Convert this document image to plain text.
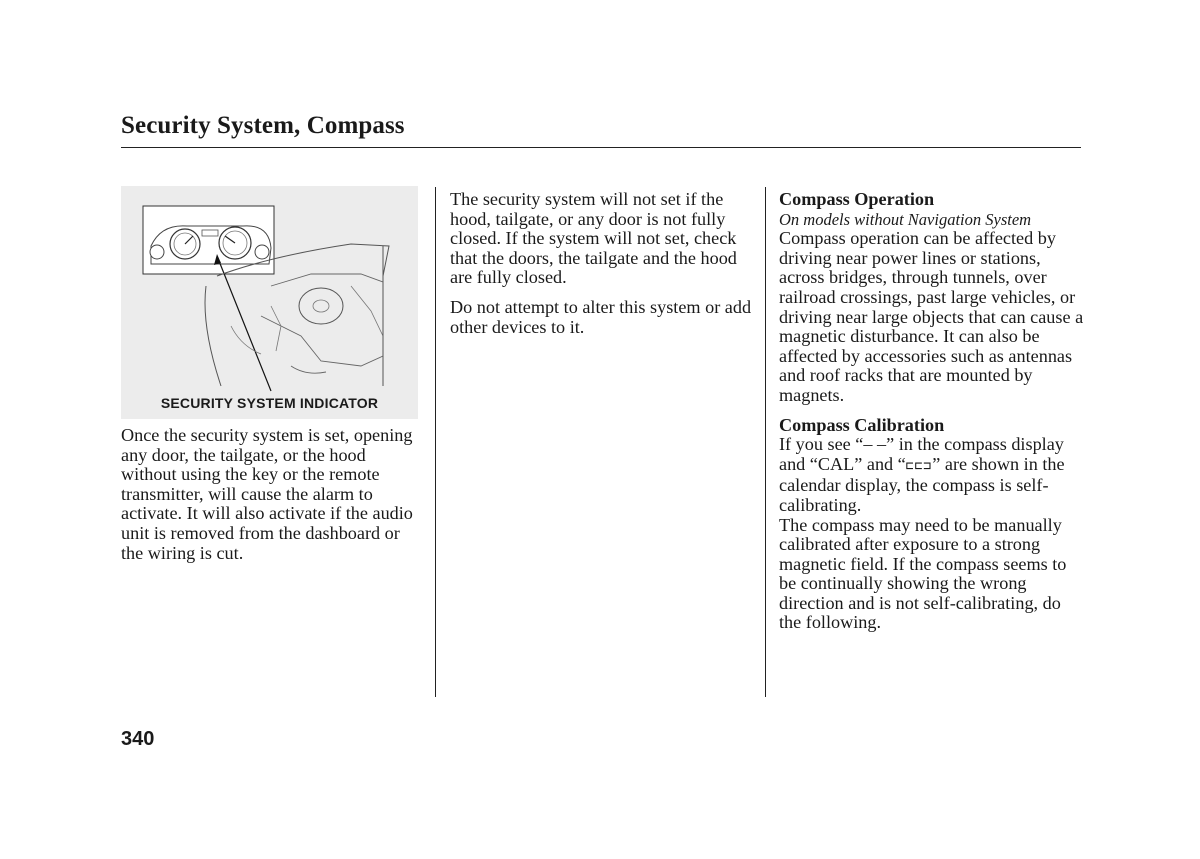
Security System, Compass
SECURITY SYSTEM INDICATOR

Once the security system is set, opening any door, the tailgate, or the hood without using the key or the remote transmitter, will cause the alarm to activate. It will also activate if the audio unit is removed from the dashboard or the wiring is cut.

The security system will not set if the hood, tailgate, or any door is not fully closed. If the system will not set, check that the doors, the tailgate and the hood are fully closed.

Do not attempt to alter this system or add other devices to it.

Compass Operation
On models without Navigation System
Compass operation can be affected by driving near power lines or stations, across bridges, through tunnels, over railroad crossings, past large vehicles, or driving near large objects that can cause a magnetic disturbance. It can also be affected by accessories such as antennas and roof racks that are mounted by magnets.

Compass Calibration
If you see “– –” in the compass display and “CAL” and “⊏⊏⊐” are shown in the calendar display, the compass is self-calibrating.
The compass may need to be manually calibrated after exposure to a strong magnetic field. If the compass seems to be continually showing the wrong direction and is not self-calibrating, do the following.

340
